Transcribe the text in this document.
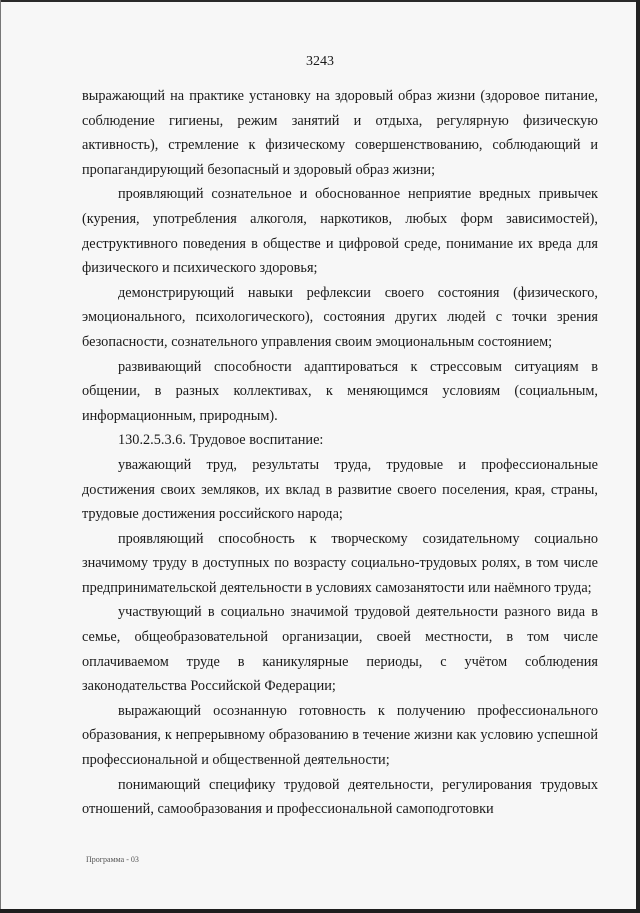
3243

выражающий на практике установку на здоровый образ жизни (здоровое питание, соблюдение гигиены, режим занятий и отдыха, регулярную физическую активность), стремление к физическому совершенствованию, соблюдающий и пропагандирующий безопасный и здоровый образ жизни;

проявляющий сознательное и обоснованное неприятие вредных привычек (курения, употребления алкоголя, наркотиков, любых форм зависимостей), деструктивного поведения в обществе и цифровой среде, понимание их вреда для физического и психического здоровья;

демонстрирующий навыки рефлексии своего состояния (физического, эмоционального, психологического), состояния других людей с точки зрения безопасности, сознательного управления своим эмоциональным состоянием;

развивающий способности адаптироваться к стрессовым ситуациям в общении, в разных коллективах, к меняющимся условиям (социальным, информационным, природным).

130.2.5.3.6. Трудовое воспитание:

уважающий труд, результаты труда, трудовые и профессиональные достижения своих земляков, их вклад в развитие своего поселения, края, страны, трудовые достижения российского народа;

проявляющий способность к творческому созидательному социально значимому труду в доступных по возрасту социально-трудовых ролях, в том числе предпринимательской деятельности в условиях самозанятости или наёмного труда;

участвующий в социально значимой трудовой деятельности разного вида в семье, общеобразовательной организации, своей местности, в том числе оплачиваемом труде в каникулярные периоды, с учётом соблюдения законодательства Российской Федерации;

выражающий осознанную готовность к получению профессионального образования, к непрерывному образованию в течение жизни как условию успешной профессиональной и общественной деятельности;

понимающий специфику трудовой деятельности, регулирования трудовых отношений, самообразования и профессиональной самоподготовки

Программа - 03
